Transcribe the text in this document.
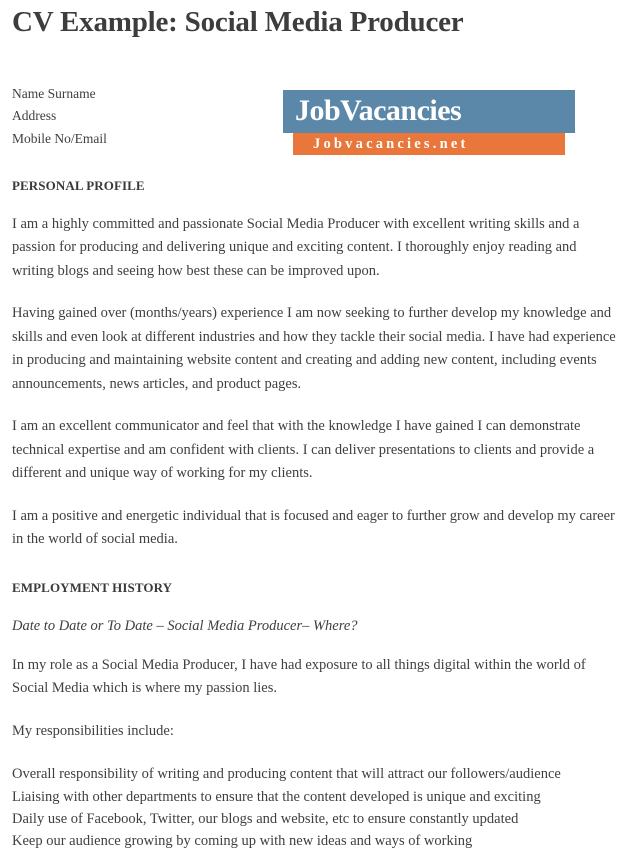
CV Example: Social Media Producer
Name Surname
Address
Mobile No/Email
JobVacancies
Jobvacancies.net
PERSONAL PROFILE

I am a highly committed and passionate Social Media Producer with excellent writing skills and a passion for producing and delivering unique and exciting content. I thoroughly enjoy reading and writing blogs and seeing how best these can be improved upon.

Having gained over (months/years) experience I am now seeking to further develop my knowledge and skills and even look at different industries and how they tackle their social media. I have had experience in producing and maintaining website content and creating and adding new content, including events announcements, news articles, and product pages.

I am an excellent communicator and feel that with the knowledge I have gained I can demonstrate technical expertise and am confident with clients. I can deliver presentations to clients and provide a different and unique way of working for my clients.

I am a positive and energetic individual that is focused and eager to further grow and develop my career in the world of social media.

EMPLOYMENT HISTORY

Date to Date or To Date – Social Media Producer– Where?

In my role as a Social Media Producer, I have had exposure to all things digital within the world of Social Media which is where my passion lies.

My responsibilities include:

Overall responsibility of writing and producing content that will attract our followers/audience
Liaising with other departments to ensure that the content developed is unique and exciting
Daily use of Facebook, Twitter, our blogs and website, etc to ensure constantly updated
Keep our audience growing by coming up with new ideas and ways of working
